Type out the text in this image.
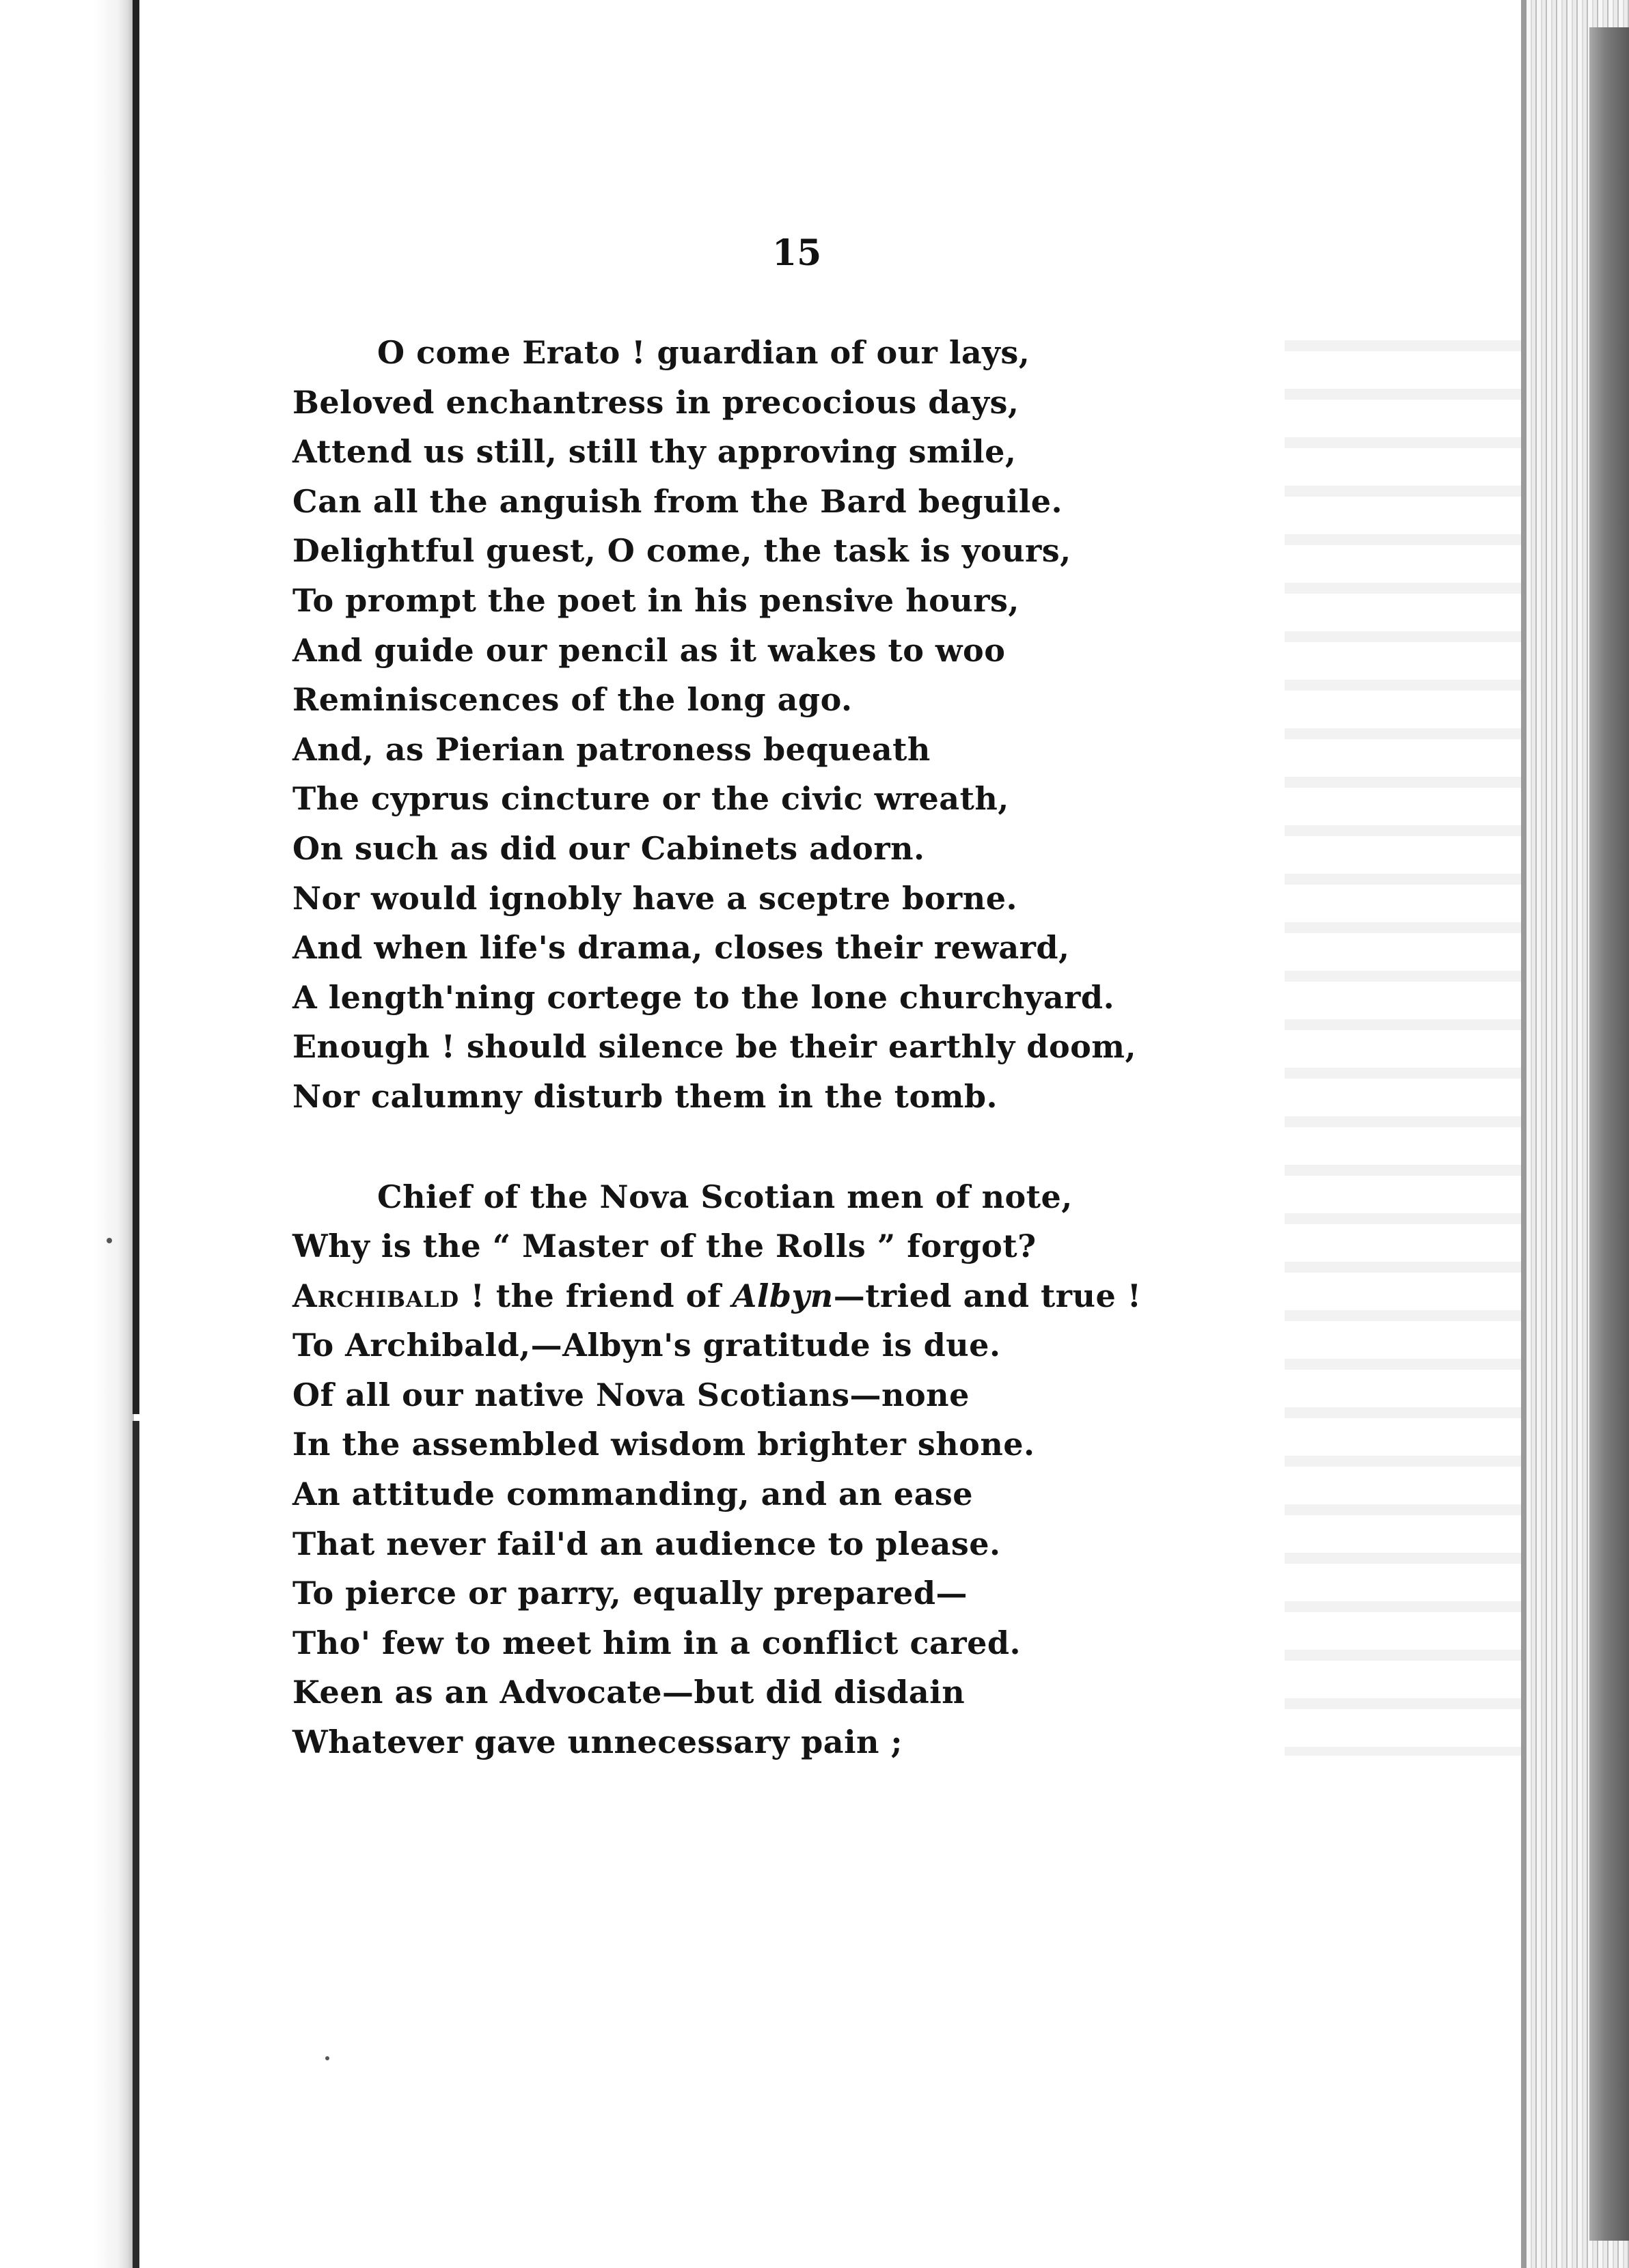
15
O come Erato ! guardian of our lays,
Beloved enchantress in precocious days,
Attend us still, still thy approving smile,
Can all the anguish from the Bard beguile.
Delightful guest, O come, the task is yours,
To prompt the poet in his pensive hours,
And guide our pencil as it wakes to woo
Reminiscences of the long ago.
And, as Pierian patroness bequeath
The cyprus cincture or the civic wreath,
On such as did our Cabinets adorn.
Nor would ignobly have a sceptre borne.
And when life's drama, closes their reward,
A length'ning cortege to the lone churchyard.
Enough ! should silence be their earthly doom,
Nor calumny disturb them in the tomb.
Chief of the Nova Scotian men of note,
Why is the “ Master of the Rolls ” forgot?
Archibald ! the friend of Albyn—tried and true !
To Archibald,—Albyn's gratitude is due.
Of all our native Nova Scotians—none
In the assembled wisdom brighter shone.
An attitude commanding, and an ease
That never fail'd an audience to please.
To pierce or parry, equally prepared—
Tho' few to meet him in a conflict cared.
Keen as an Advocate—but did disdain
Whatever gave unnecessary pain ;
